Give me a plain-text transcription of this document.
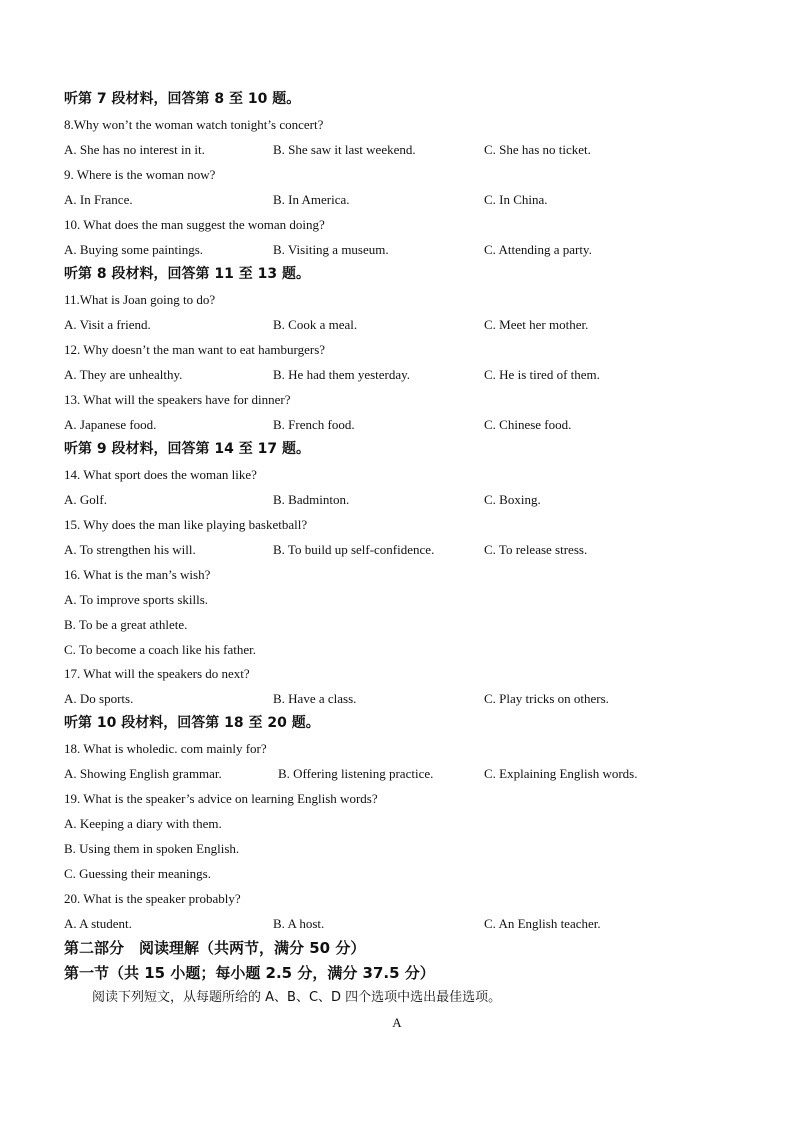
听第 7 段材料，回答第 8 至 10 题。
8.Why won’t the woman watch tonight’s concert?
A. She has no interest in it.	B. She saw it last weekend.	C. She has no ticket.
9. Where is the woman now?
A. In France.	B. In America.	C. In China.
10. What does the man suggest the woman doing?
A. Buying some paintings.	B. Visiting a museum.	C. Attending a party.
听第 8 段材料，回答第 11 至 13 题。
11.What is Joan going to do?
A. Visit a friend.	B. Cook a meal.	C. Meet her mother.
12. Why doesn’t the man want to eat hamburgers?
A. They are unhealthy.	B. He had them yesterday.	C. He is tired of them.
13. What will the speakers have for dinner?
A. Japanese food.	B. French food.	C. Chinese food.
听第 9 段材料，回答第 14 至 17 题。
14. What sport does the woman like?
A. Golf.	B. Badminton.	C. Boxing.
15. Why does the man like playing basketball?
A. To strengthen his will.	B. To build up self-confidence.	C. To release stress.
16. What is the man’s wish?
A. To improve sports skills.
B. To be a great athlete.
C. To become a coach like his father.
17. What will the speakers do next?
A. Do sports.	B. Have a class.	C. Play tricks on others.
听第 10 段材料，回答第 18 至 20 题。
18. What is wholedic. com mainly for?
A. Showing English grammar.	B. Offering listening practice.	C. Explaining English words.
19. What is the speaker’s advice on learning English words?
A. Keeping a diary with them.
B. Using them in spoken English.
C. Guessing their meanings.
20. What is the speaker probably?
A. A student.	B. A host.	C. An English teacher.
第二部分　阅读理解（共两节，满分 50 分）
第一节（共 15 小题；每小题 2.5 分，满分 37.5 分）
阅读下列短文，从每题所给的 A、B、C、D 四个选项中选出最佳选项。
A
